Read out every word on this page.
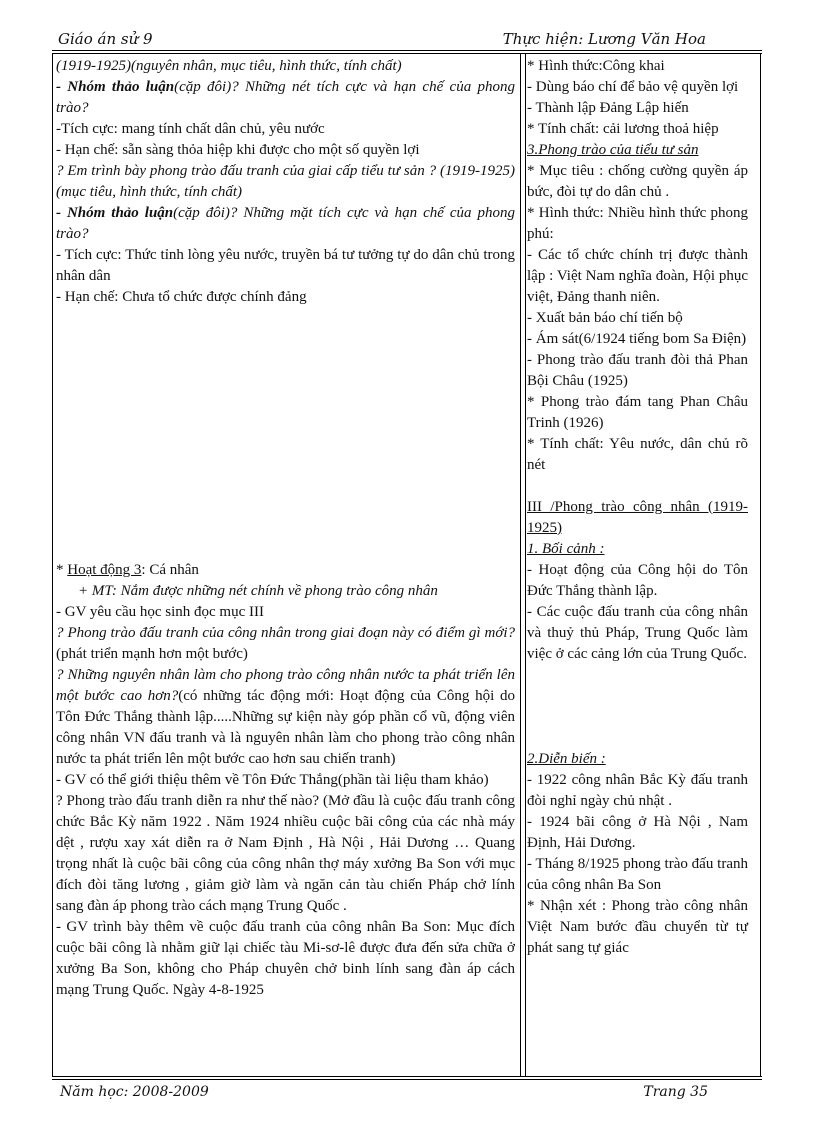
Giáo án sử 9	Thực hiện: Lương Văn Hoa

(1919-1925)(nguyên nhân, mục tiêu, hình thức, tính chất)

- Nhóm thảo luận(cặp đôi)? Những nét tích cực và hạn chế của phong trào?

-Tích cực: mang tính chất dân chủ, yêu nước

- Hạn chế: sẵn sàng thỏa hiệp khi được cho một số quyền lợi

? Em trình bày phong trào đấu tranh của giai cấp tiểu tư sản ? (1919-1925)(mục tiêu, hình thức, tính chất)

- Nhóm thảo luận(cặp đôi)? Những mặt tích cực và hạn chế của phong trào?

- Tích cực: Thức tỉnh lòng yêu nước, truyền bá tư tưởng tự do dân chủ trong nhân dân

- Hạn chế: Chưa tổ chức được chính đảng

* Hoạt động 3: Cá nhân

+ MT: Nắm được những nét chính về phong trào công nhân

- GV yêu cầu học sinh đọc mục III

? Phong trào đấu tranh của công nhân trong giai đoạn này có điểm gì mới?(phát triển mạnh hơn một bước)

? Những nguyên nhân làm cho phong trào công nhân nước ta phát triển lên một bước cao hơn?(có những tác động mới: Hoạt động của Công hội do Tôn Đức Thắng thành lập.....Những sự kiện này góp phần cổ vũ, động viên công nhân VN đấu tranh và là nguyên nhân làm cho phong trào công nhân nước ta phát triển lên một bước cao hơn sau chiến tranh)

- GV có thể giới thiệu thêm về Tôn Đức Thắng(phần tài liệu tham khảo)

? Phong trào đấu tranh diễn ra như thế nào? (Mở đầu là cuộc đấu tranh công chức Bắc Kỳ năm 1922 . Năm 1924 nhiều cuộc bãi công của các nhà máy dệt , rượu xay xát diễn ra ở Nam Định , Hà Nội , Hải Dương … Quang trọng nhất là cuộc bãi công của công nhân thợ máy xưởng Ba Son với mục đích đòi tăng lương , giảm giờ làm và ngăn cản tàu chiến Pháp chở lính sang đàn áp phong trào cách mạng Trung Quốc .

- GV trình bày thêm về cuộc đấu tranh của công nhân Ba Son: Mục đích cuộc bãi công là nhằm giữ lại chiếc tàu Mi-sơ-lê được đưa đến sửa chữa ở xưởng Ba Son, không cho Pháp chuyên chở binh lính sang đàn áp cách mạng Trung Quốc. Ngày 4-8-1925

* Hình thức:Công khai

- Dùng báo chí để bảo vệ quyền lợi

- Thành lập Đảng Lập hiến

* Tính chất: cải lương thoả hiệp

3.Phong trào của tiểu tư sản

* Mục tiêu : chống cường quyền áp bức, đòi tự do dân chủ .

* Hình thức: Nhiều hình thức phong phú:

- Các tổ chức chính trị được thành lập : Việt Nam nghĩa đoàn, Hội phục việt, Đảng thanh niên.

- Xuất bản báo chí tiến bộ

- Ám sát(6/1924 tiếng bom Sa Điện)

- Phong trào đấu tranh đòi thả Phan Bội Châu (1925)

* Phong trào đám tang Phan Châu Trinh (1926)

* Tính chất: Yêu nước, dân chủ rõ nét

III /Phong trào công nhân (1919-1925)

1. Bối cảnh :

- Hoạt động của Công hội do Tôn Đức Thắng thành lập.

- Các cuộc đấu tranh của công nhân và thuỷ thủ Pháp, Trung Quốc làm việc ở các cảng lớn của Trung Quốc.

2.Diễn biến :

- 1922 công nhân Bắc Kỳ đấu tranh đòi nghỉ ngày chủ nhật .

- 1924 bãi công ở Hà Nội , Nam Định, Hải Dương.

- Tháng 8/1925 phong trào đấu tranh của công nhân Ba Son

* Nhận xét : Phong trào công nhân Việt Nam bước đầu chuyển từ tự phát sang tự giác

Năm học: 2008-2009	Trang 35
